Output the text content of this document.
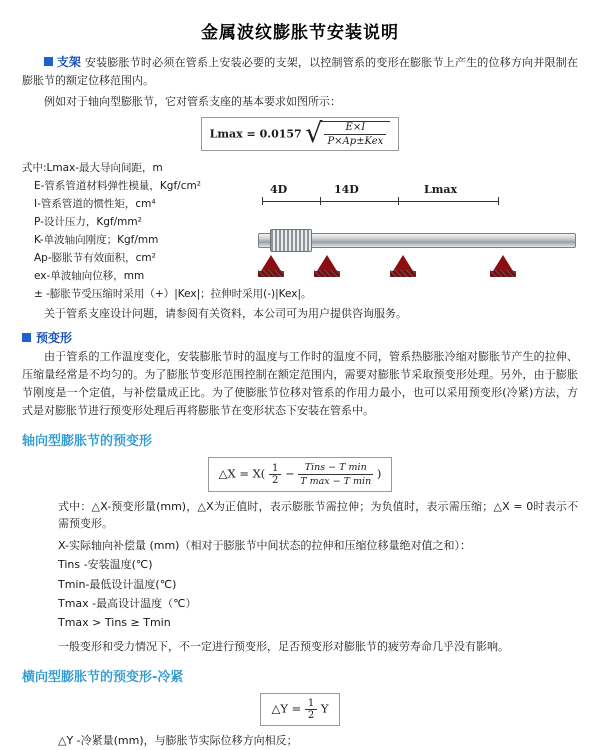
金属波纹膨胀节安装说明
支架 安装膨胀节时必须在管系上安装必要的支架，以控制管系的变形在膨胀节上产生的位移方向并限制在膨胀节的额定位移范围内。
例如对于轴向型膨胀节，它对管系支座的基本要求如图所示：
Lmax = 0.0157 √
$\frac{E\times I}{\text{P×Ap±Kex}}$
式中:Lmax-最大导向间距，m
E-管系管道材料弹性模量，Kgf/cm²
I-管系管道的惯性矩，cm⁴
P-设计压力，Kgf/mm²
K-单波轴向刚度；Kgf/mm
Ap-膨胀节有效面积，cm²
ex-单波轴向位移，mm
± -膨胀节受压缩时采用（+）|Kex|；拉伸时采用(-)|Kex|。
4D	14D	Lmax
关于管系支座设计问题，请参阅有关资料，本公司可为用户提供咨询服务。
预变形
由于管系的工作温度变化，安装膨胀节时的温度与工作时的温度不同，管系热膨胀冷缩对膨胀节产生的拉伸、压缩量经常是不均匀的。为了膨胀节变形范围控制在额定范围内，需要对膨胀节采取预变形处理。另外，由于膨胀节刚度是一个定值，与补偿量成正比。为了使膨胀节位移对管系的作用力最小，也可以采用预变形(冷紧)方法，方式是对膨胀节进行预变形处理后再将膨胀节在变形状态下安装在管系中。
轴向型膨胀节的预变形
△X = $X( \frac{1}{2} - \frac{\text{Tins − T min}}{\text{T max − T min}}$ )
式中：△X-预变形量(mm)，△X为正值时，表示膨胀节需拉伸；为负值时，表示需压缩；△X = 0时表示不需预变形。
X-实际轴向补偿量 (mm)（相对于膨胀节中间状态的拉伸和压缩位移量绝对值之和）：
Tins -安装温度(℃)
Tmin-最低设计温度(℃)
Tmax -最高设计温度（℃）
Tmax > Tins ≥ Tmin
一般变形和受力情况下，不一定进行预变形，足否预变形对膨胀节的疲劳寿命几乎没有影响。
横向型膨胀节的预变形-冷紧
△Y = $\frac{1}{2}$ Y
△Y -冷紧量(mm)，与膨胀节实际位移方向相反；
